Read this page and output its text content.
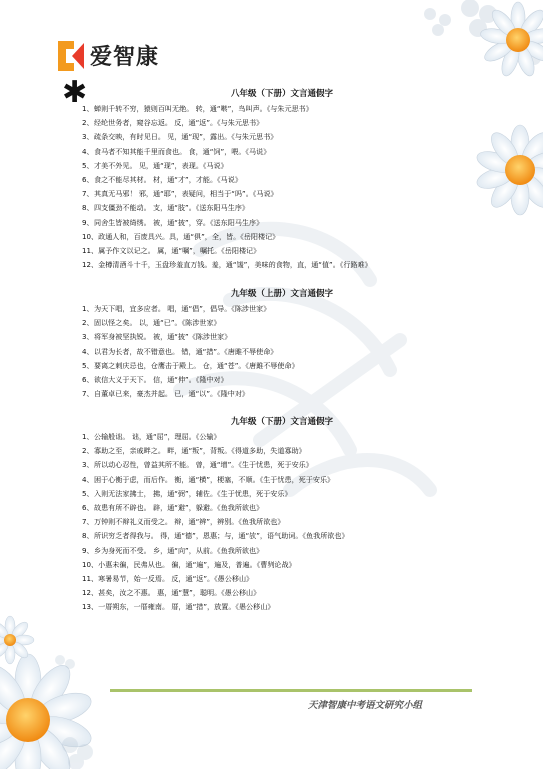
爱智康
✱	八年级（下册）文言通假字
1、蝉则千转不穷，猿则百叫无绝。 转，通“啭”，鸟叫声。《与朱元思书》
2、经纶世务者，窥谷忘返。 反，通“返”。《与朱元思书》
3、疏条交映，有时见日。 见，通“现”，露出。《与朱元思书》
4、食马者不知其能千里而食也。 食，通“饲”，喂。《马说》
5、才美不外见。 见，通“现”，表现。《马说》
6、食之不能尽其材。 材，通“才”，才能。《马说》
7、其真无马邪！ 邪，通“耶”，表疑问，相当于“吗”。《马说》
8、四支僵劲不能动。 支，通“肢”。《送东阳马生序》
9、同舍生皆被绮绣。 被，通“披”，穿。《送东阳马生序》
10、政通人和，百废具兴。具，通“俱”，全，皆。《岳阳楼记》
11、属予作文以记之。 属，通“嘱”，嘱托。《岳阳楼记》
12、金樽清酒斗十千，玉盘珍羞直万钱。羞，通“馐”，美味的食物，直，通“值”。《行路难》
九年级（上册）文言通假字
1、为天下唱，宜多应者。 唱，通“倡”，倡导。《陈涉世家》
2、固以怪之矣。 以，通“已”。《陈涉世家》
3、将军身被坚执锐。 被，通“披”《陈涉世家》
4、以君为长者，故不错意也。 错，通“措”。《唐雎不辱使命》
5、要离之刺庆忌也，仓鹰击于殿上。 仓，通“苍”。《唐雎不辱使命》
6、欲信大义于天下。 信，通“伸”。《隆中对》
7、自董卓已来，豪杰并起。 已，通“以”。《隆中对》
九年级（下册）文言通假字
1、公输般诎。 诎，通“屈”，理屈。《公输》
2、寡助之至，亲戚畔之。 畔，通“叛”，背叛。《得道多助，失道寡助》
3、所以动心忍性，曾益其所不能。 曾，通“增”。《生于忧患，死于安乐》
4、困于心衡于虑，而后作。 衡，通“横”，梗塞，不顺。《生于忧患，死于安乐》
5、入则无法家拂士， 拂，通“弼”，辅佐。《生于忧患，死于安乐》
6、故患有所不辟也。 辟，通“避”，躲避。《鱼我所欲也》
7、万钟则不辩礼义而受之。 辩，通“辨”，辨别。《鱼我所欲也》
8、所识穷乏者得我与。 得，通“德”，恩惠；与，通“欤”，语气助词。《鱼我所欲也》
9、乡为身死而不受。 乡，通“向”，从前。《鱼我所欲也》
10、小惠未徧，民弗从也。 徧，通“遍”，遍及，普遍。《曹刿论战》
11、寒暑易节，始一反焉。 反，通“返”。《愚公移山》
12、甚矣，汝之不惠。 惠，通“慧”，聪明。《愚公移山》
13、一厝朔东，一厝雍南。 厝，通“措”，放置。《愚公移山》
天津智康中考语文研究小组
